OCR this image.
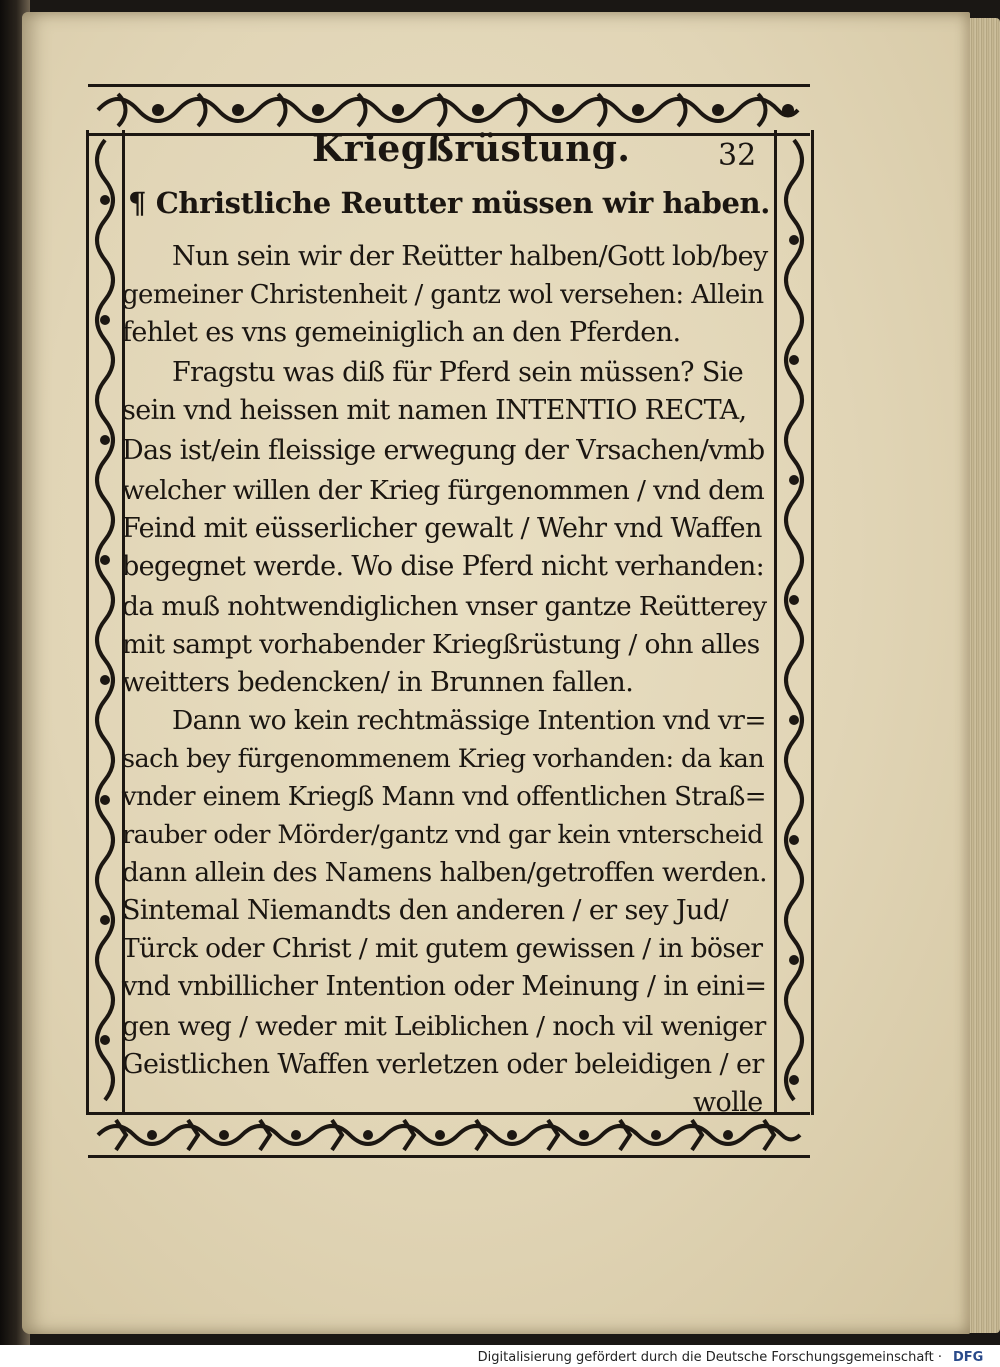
Kriegßrüstung.	32
¶ Christliche Reutter müssen wir haben.
Nun sein wir der Reütter halben/Gott lob/bey
gemeiner Christenheit / gantz wol versehen: Allein
fehlet es vns gemeiniglich an den Pferden.
Fragstu was diß für Pferd sein müssen? Sie
sein vnd heissen mit namen INTENTIO RECTA,
Das ist/ein fleissige erwegung der Vrsachen/vmb
welcher willen der Krieg fürgenommen / vnd dem
Feind mit eüsserlicher gewalt / Wehr vnd Waffen
begegnet werde. Wo dise Pferd nicht verhanden:
da muß nohtwendiglichen vnser gantze Reütterey
mit sampt vorhabender Kriegßrüstung / ohn alles
weitters bedencken/ in Brunnen fallen.
Dann wo kein rechtmässige Intention vnd vr=
sach bey fürgenommenem Krieg vorhanden: da kan
vnder einem Kriegß Mann vnd offentlichen Straß=
rauber oder Mörder/gantz vnd gar kein vnterscheid
dann allein des Namens halben/getroffen werden.
Sintemal Niemandts den anderen / er sey Jud/
Türck oder Christ / mit gutem gewissen / in böser
vnd vnbillicher Intention oder Meinung / in eini=
gen weg / weder mit Leiblichen / noch vil weniger
Geistlichen Waffen verletzen oder beleidigen / er
wolle
Digitalisierung gefördert durch die Deutsche Forschungsgemeinschaft · DFG
